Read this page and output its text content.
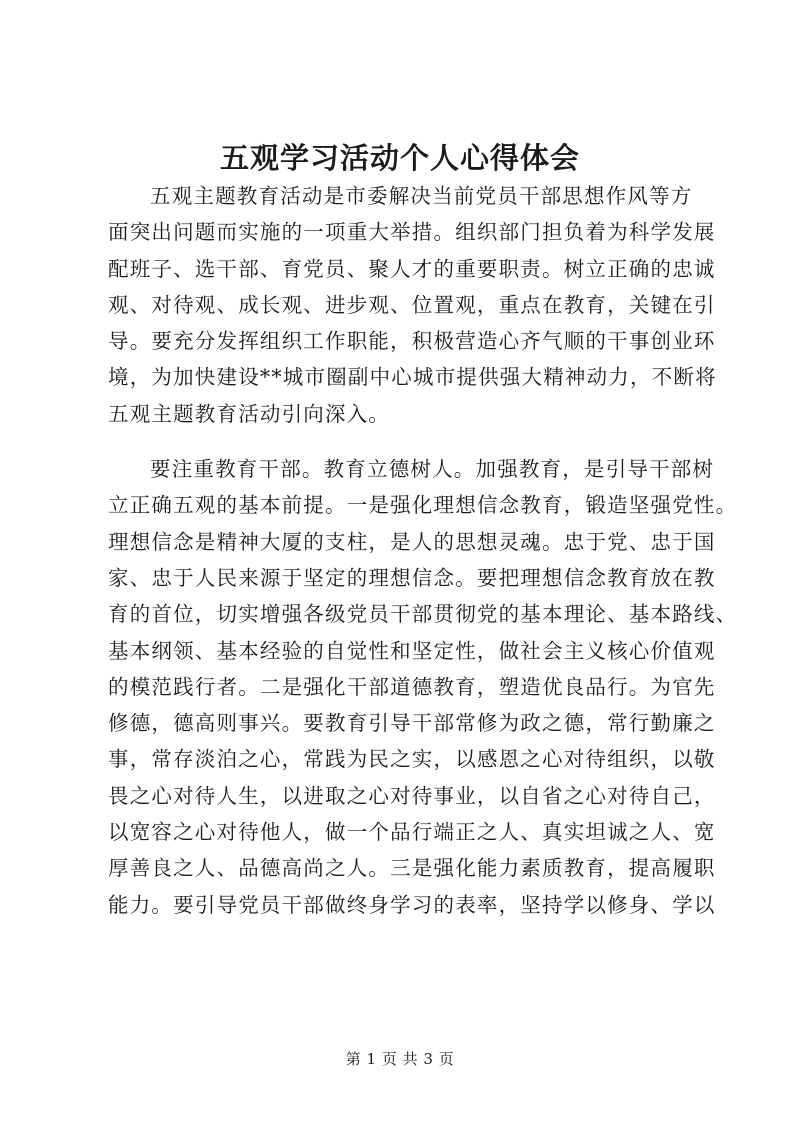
五观学习活动个人心得体会

五观主题教育活动是市委解决当前党员干部思想作风等方
面突出问题而实施的一项重大举措。组织部门担负着为科学发展
配班子、选干部、育党员、聚人才的重要职责。树立正确的忠诚
观、对待观、成长观、进步观、位置观，重点在教育，关键在引
导。要充分发挥组织工作职能，积极营造心齐气顺的干事创业环
境，为加快建设**城市圈副中心城市提供强大精神动力，不断将
五观主题教育活动引向深入。

要注重教育干部。教育立德树人。加强教育，是引导干部树
立正确五观的基本前提。一是强化理想信念教育，锻造坚强党性。
理想信念是精神大厦的支柱，是人的思想灵魂。忠于党、忠于国
家、忠于人民来源于坚定的理想信念。要把理想信念教育放在教
育的首位，切实增强各级党员干部贯彻党的基本理论、基本路线、
基本纲领、基本经验的自觉性和坚定性，做社会主义核心价值观
的模范践行者。二是强化干部道德教育，塑造优良品行。为官先
修德，德高则事兴。要教育引导干部常修为政之德，常行勤廉之
事，常存淡泊之心，常践为民之实，以感恩之心对待组织，以敬
畏之心对待人生，以进取之心对待事业，以自省之心对待自己，
以宽容之心对待他人，做一个品行端正之人、真实坦诚之人、宽
厚善良之人、品德高尚之人。三是强化能力素质教育，提高履职
能力。要引导党员干部做终身学习的表率，坚持学以修身、学以

第 1 页 共 3 页
